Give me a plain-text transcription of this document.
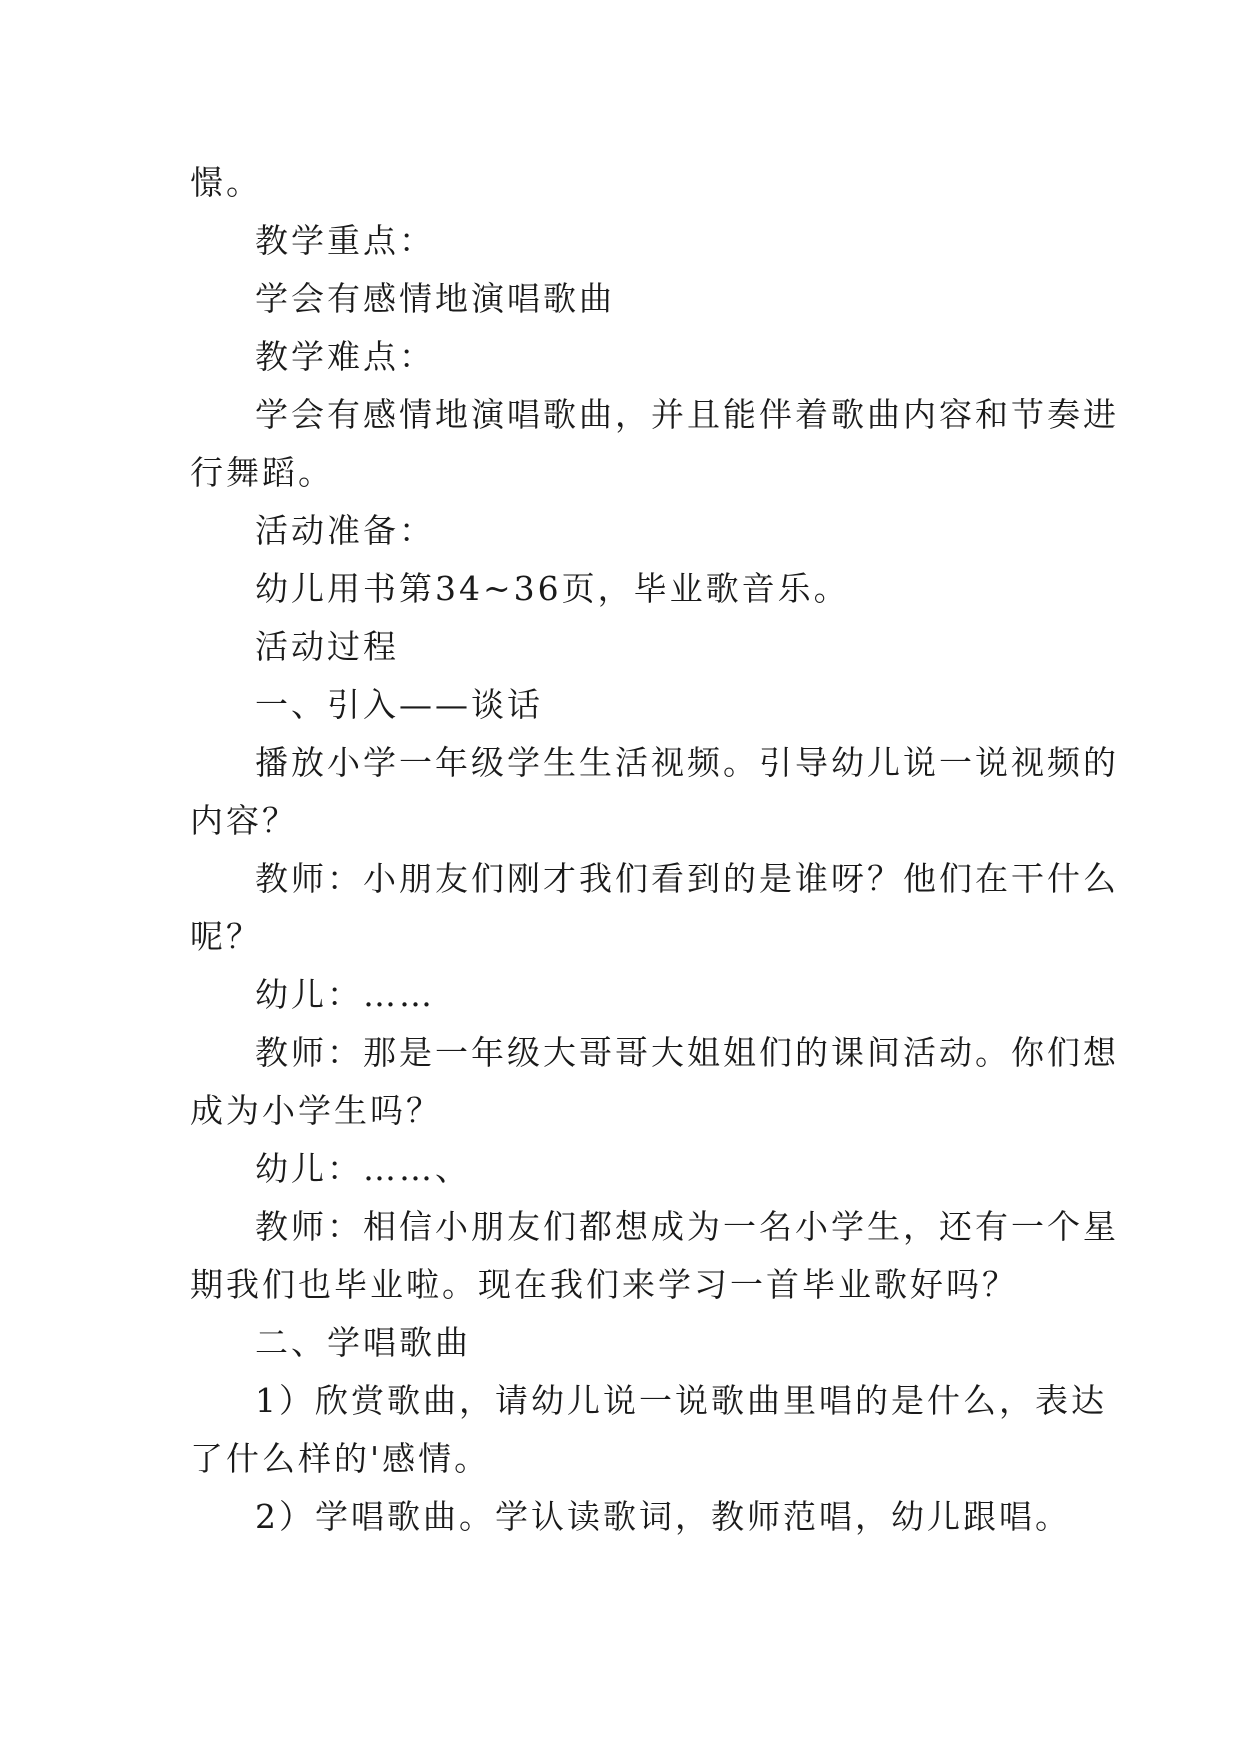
憬。
教学重点：
学会有感情地演唱歌曲
教学难点：
学会有感情地演唱歌曲，并且能伴着歌曲内容和节奏进
行舞蹈。
活动准备：
幼儿用书第34~36页，毕业歌音乐。
活动过程
一、引入——谈话
播放小学一年级学生生活视频。引导幼儿说一说视频的
内容？
教师：小朋友们刚才我们看到的是谁呀？他们在干什么
呢？
幼儿：……
教师：那是一年级大哥哥大姐姐们的课间活动。你们想
成为小学生吗？
幼儿：……、
教师：相信小朋友们都想成为一名小学生，还有一个星
期我们也毕业啦。现在我们来学习一首毕业歌好吗？
二、学唱歌曲
1）欣赏歌曲，请幼儿说一说歌曲里唱的是什么，表达
了什么样的'感情。
2）学唱歌曲。学认读歌词，教师范唱，幼儿跟唱。
